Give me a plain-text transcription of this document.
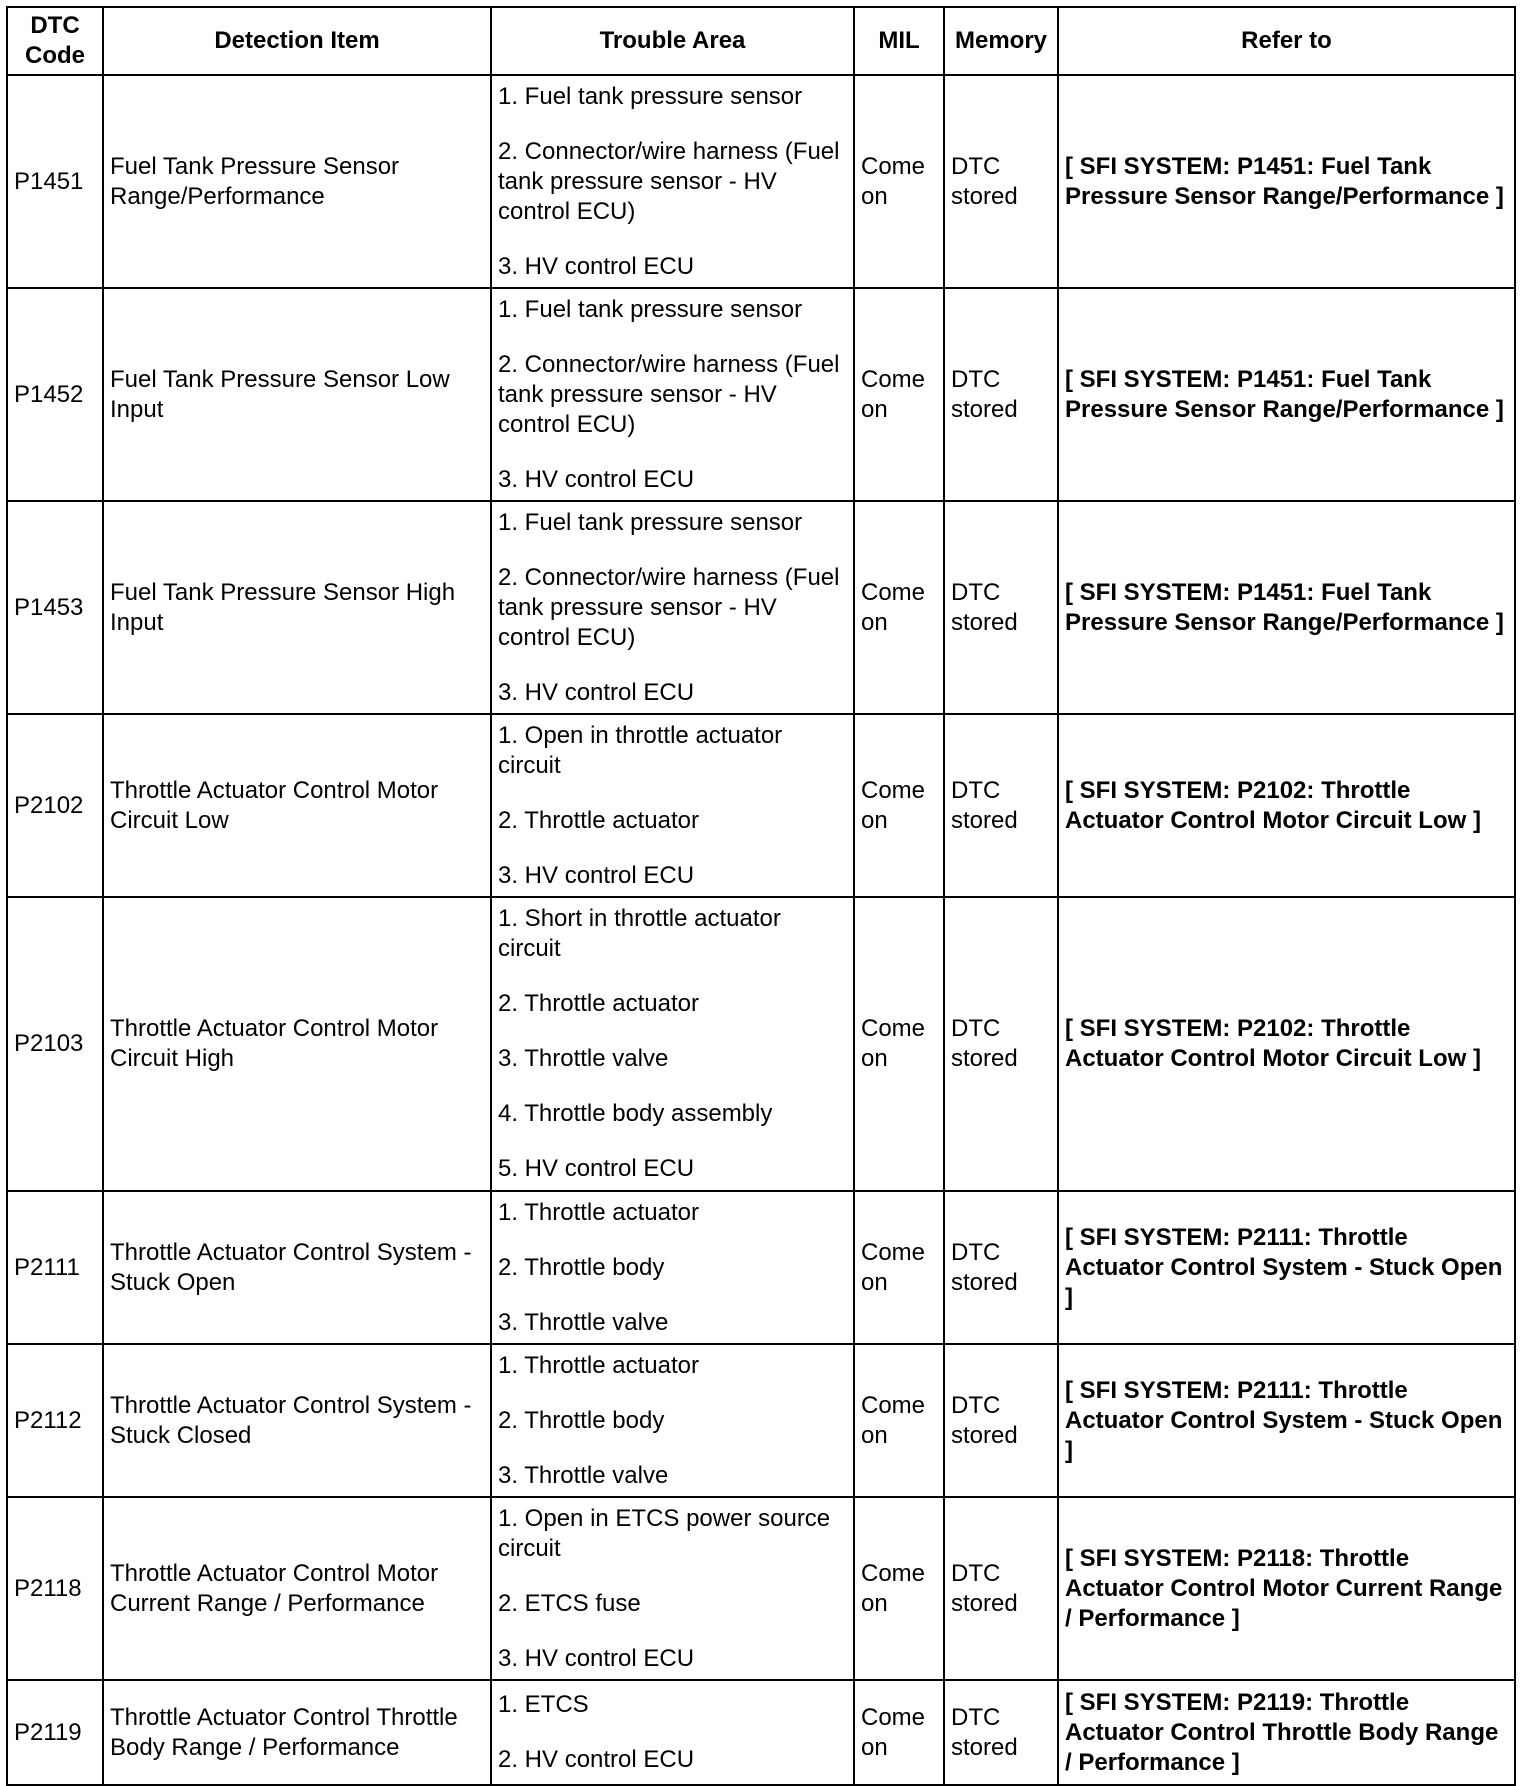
DTC Code	Detection Item	Trouble Area	MIL	Memory	Refer to
P1451	Fuel Tank Pressure Sensor Range/Performance	1. Fuel tank pressure sensor
2. Connector/wire harness (Fuel tank pressure sensor - HV control ECU)
3. HV control ECU	Come on	DTC stored	[ SFI SYSTEM: P1451: Fuel Tank Pressure Sensor Range/Performance ]
P1452	Fuel Tank Pressure Sensor Low Input	1. Fuel tank pressure sensor
2. Connector/wire harness (Fuel tank pressure sensor - HV control ECU)
3. HV control ECU	Come on	DTC stored	[ SFI SYSTEM: P1451: Fuel Tank Pressure Sensor Range/Performance ]
P1453	Fuel Tank Pressure Sensor High Input	1. Fuel tank pressure sensor
2. Connector/wire harness (Fuel tank pressure sensor - HV control ECU)
3. HV control ECU	Come on	DTC stored	[ SFI SYSTEM: P1451: Fuel Tank Pressure Sensor Range/Performance ]
P2102	Throttle Actuator Control Motor Circuit Low	1. Open in throttle actuator circuit
2. Throttle actuator
3. HV control ECU	Come on	DTC stored	[ SFI SYSTEM: P2102: Throttle Actuator Control Motor Circuit Low ]
P2103	Throttle Actuator Control Motor Circuit High	1. Short in throttle actuator circuit
2. Throttle actuator
3. Throttle valve
4. Throttle body assembly
5. HV control ECU	Come on	DTC stored	[ SFI SYSTEM: P2102: Throttle Actuator Control Motor Circuit Low ]
P2111	Throttle Actuator Control System - Stuck Open	1. Throttle actuator
2. Throttle body
3. Throttle valve	Come on	DTC stored	[ SFI SYSTEM: P2111: Throttle Actuator Control System - Stuck Open ]
P2112	Throttle Actuator Control System - Stuck Closed	1. Throttle actuator
2. Throttle body
3. Throttle valve	Come on	DTC stored	[ SFI SYSTEM: P2111: Throttle Actuator Control System - Stuck Open ]
P2118	Throttle Actuator Control Motor Current Range / Performance	1. Open in ETCS power source circuit
2. ETCS fuse
3. HV control ECU	Come on	DTC stored	[ SFI SYSTEM: P2118: Throttle Actuator Control Motor Current Range / Performance ]
P2119	Throttle Actuator Control Throttle Body Range / Performance	1. ETCS
2. HV control ECU	Come on	DTC stored	[ SFI SYSTEM: P2119: Throttle Actuator Control Throttle Body Range / Performance ]
